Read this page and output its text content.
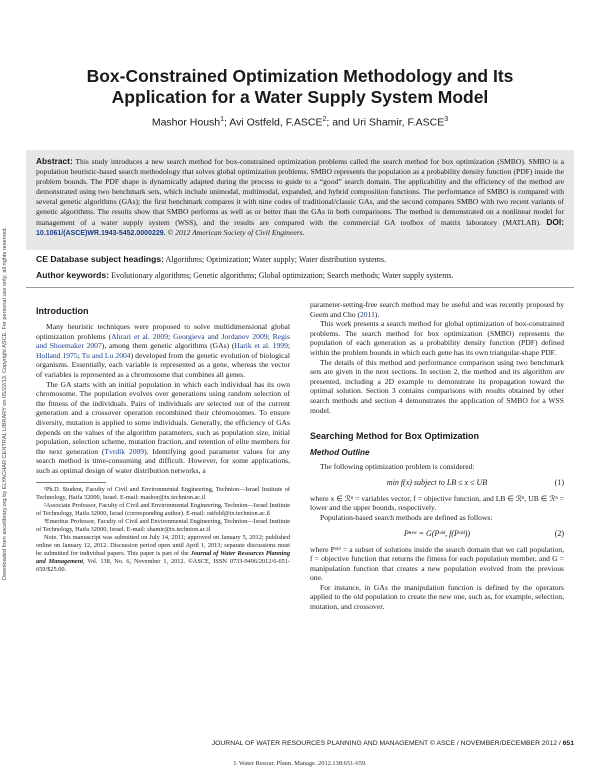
Downloaded from ascelibrary.org by ELYACHAR CENTRAL LIBRARY on 05/22/13. Copyright ASCE. For personal use only; all rights reserved.
Box-Constrained Optimization Methodology and Its Application for a Water Supply System Model
Mashor Housh$^1$; Avi Ostfeld, F.ASCE$^2$; and Uri Shamir, F.ASCE$^3$
Abstract: This study introduces a new search method for box-constrained optimization problems called the search method for box optimization (SMBO). SMBO is a population heuristic-based search methodology that solves global optimization problems. SMBO represents the population as a probability density function (PDF) inside the problem bounds. The PDF shape is dynamically adapted during the process to guide to a “good” search domain. The applicability and the efficiency of the method are demonstrated using two benchmark sets, which include unimodal, multimodal, expanded, and hybrid composition functions. The performance of SMBO is compared with several genetic algorithms (GAs); the first benchmark compares it with nine codes of traditional/classic GAs, and the second compares SMBO with two recent variants of genetic algorithms. The results show that SMBO performs as well as or better than the GAs in both comparisons. The method is demonstrated on a nonlinear model for management of a water supply system (WSS), and the results are compared with the commercial GA toolbox of matrix laboratory (MATLAB). DOI: 10.1061/(ASCE)WR.1943-5452.0000229. © 2012 American Society of Civil Engineers.
CE Database subject headings: Algorithms; Optimization; Water supply; Water distribution systems.
Author keywords: Evolutionary algorithms; Genetic algorithms; Global optimization; Search methods; Water supply systems.
Introduction

Many heuristic techniques were proposed to solve multidimensional global optimization problems (Ahrari et al. 2009; Georgieva and Jordanov 2009; Regis and Shoemaker 2007), among them genetic algorithms (GAs) (Harik et al. 1999; Holland 1975; Tu and Lu 2004) developed from the genetic evolution of biological organisms. Essentially, each variable is represented as a gene, whereas the vector of variables is represented as a chromosome that combines all genes.

The GA starts with an initial population in which each individual has its own chromosome. The population evolves over generations using random selection of the fitness of the individuals. Pairs of individuals are selected out of the current generation and a crossover operation recombined their chromosomes. To ensure diversity, mutation is applied to some individuals. Generally, the efficiency of GAs depends on the values of the algorithm parameters, such as population size, initial population, selection scheme, mutation fraction, and retention of elite members for the next generation (Tvrdík 2009). Identifying good parameter values for any search method is time-consuming and difficult. However, for some applications, such as optimal design of water distribution networks, a

¹Ph.D. Student, Faculty of Civil and Environmental Engineering, Technion—Israel Institute of Technology, Haifa 32000, Israel. E-mail: mashor@tx.technion.ac.il

²Associate Professor, Faculty of Civil and Environmental Engineering, Technion—Israel Institute of Technology, Haifa 32000, Israel (corresponding author). E-mail: ostfeld@tx.technion.ac.il

³Emeritus Professor, Faculty of Civil and Environmental Engineering, Technion—Israel Institute of Technology, Haifa 32000, Israel. E-mail: shamir@tx.technion.ac.il

Note. This manuscript was submitted on July 14, 2011; approved on January 5, 2012; published online on January 12, 2012. Discussion period open until April 1, 2013; separate discussions must be submitted for individual papers. This paper is part of the Journal of Water Resources Planning and Management, Vol. 138, No. 6, November 1, 2012. ©ASCE, ISSN 0733-9496/2012/6-651-659/$25.00.

parameter-setting-free search method may be useful and was recently proposed by Geem and Cho (2011).

This work presents a search method for global optimization of box-constrained problems. The search method for box optimization (SMBO) represents the population of each generation as a probability density function (PDF) defined within the problem bounds in which each gene has its own triangular-shape PDF.

The details of this method and performance comparison using two benchmark sets are given in the next sections. In section 2, the method and its algorithm are presented, including a 2D example to demonstrate its propagation toward the optimal solution. Section 3 contains comparisons with results obtained by other search methods and section 4 demonstrates the application of SMBO for a WSS model.

Searching Method for Box Optimization
Method Outline

The following optimization problem is considered:

min f(x) subject to LB ≤ x ≤ UB	(1)

where x ∈ ℛⁿ = variables vector, f = objective function, and LB ∈ ℛⁿ, UB ∈ ℛⁿ = lower and the upper bounds, respectively.

Population-based search methods are defined as follows:

Pⁿᵉʷ = G(Pᵒˡᵈ, f(Pᵒˡᵈ))	(2)

where Pᵒˡᵈ = a subset of solutions inside the search domain that we call population, f = objective function that returns the fitness for each population member, and G = manipulation function that creates a new population evolved from the previous one.

For instance, in GAs the manipulation function is defined by the operators applied to the old population to create the new one, such as, for example, selection, mutation, and crossover.

JOURNAL OF WATER RESOURCES PLANNING AND MANAGEMENT © ASCE / NOVEMBER/DECEMBER 2012 / 651
J. Water Resour. Plann. Manage. 2012.138:651-659.
